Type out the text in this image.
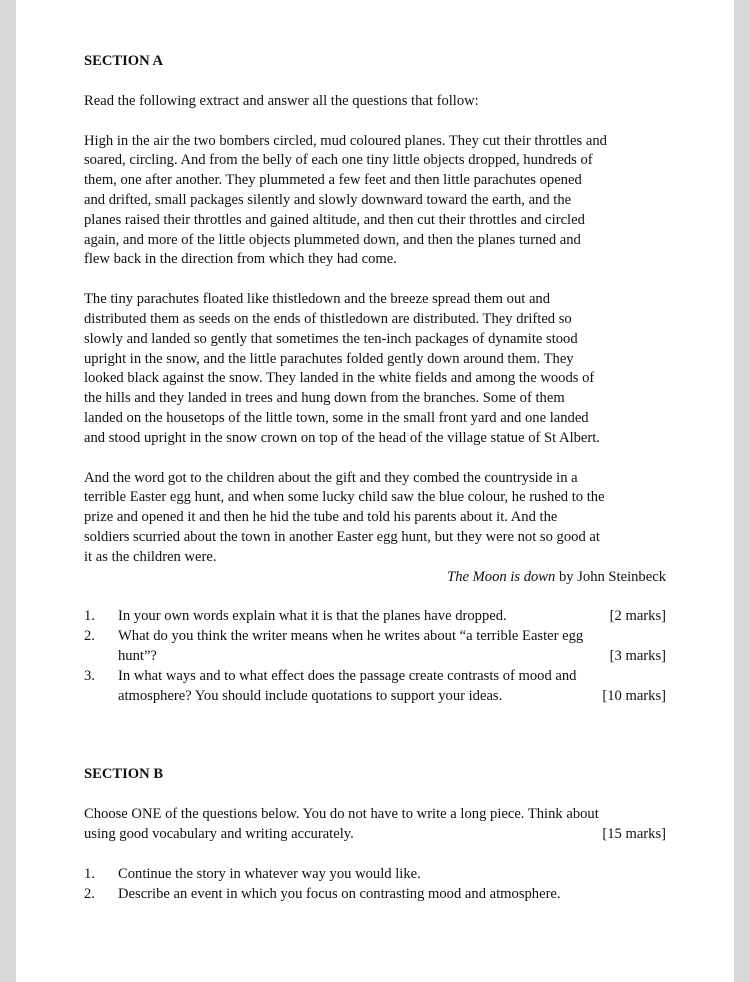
SECTION A

Read the following extract and answer all the questions that follow:

High in the air the two bombers circled, mud coloured planes. They cut their throttles and
soared, circling. And from the belly of each one tiny little objects dropped, hundreds of
them, one after another. They plummeted a few feet and then little parachutes opened
and drifted, small packages silently and slowly downward toward the earth, and the
planes raised their throttles and gained altitude, and then cut their throttles and circled
again, and more of the little objects plummeted down, and then the planes turned and
flew back in the direction from which they had come.
The tiny parachutes floated like thistledown and the breeze spread them out and
distributed them as seeds on the ends of thistledown are distributed. They drifted so
slowly and landed so gently that sometimes the ten-inch packages of dynamite stood
upright in the snow, and the little parachutes folded gently down around them. They
looked black against the snow. They landed in the white fields and among the woods of
the hills and they landed in trees and hung down from the branches. Some of them
landed on the housetops of the little town, some in the small front yard and one landed
and stood upright in the snow crown on top of the head of the village statue of St Albert.
And the word got to the children about the gift and they combed the countryside in a
terrible Easter egg hunt, and when some lucky child saw the blue colour, he rushed to the
prize and opened it and then he hid the tube and told his parents about it. And the
soldiers scurried about the town in another Easter egg hunt, but they were not so good at
it as the children were.
The Moon is down by John Steinbeck
1.	In your own words explain what it is that the planes have dropped.	[2 marks]
2.	What do you think the writer means when he writes about “a terrible Easter egg
hunt”?	[3 marks]
3.	In what ways and to what effect does the passage create contrasts of mood and
atmosphere? You should include quotations to support your ideas.	[10 marks]

SECTION B

Choose ONE of the questions below. You do not have to write a long piece. Think about
using good vocabulary and writing accurately.	[15 marks]
1.	Continue the story in whatever way you would like.
2.	Describe an event in which you focus on contrasting mood and atmosphere.
